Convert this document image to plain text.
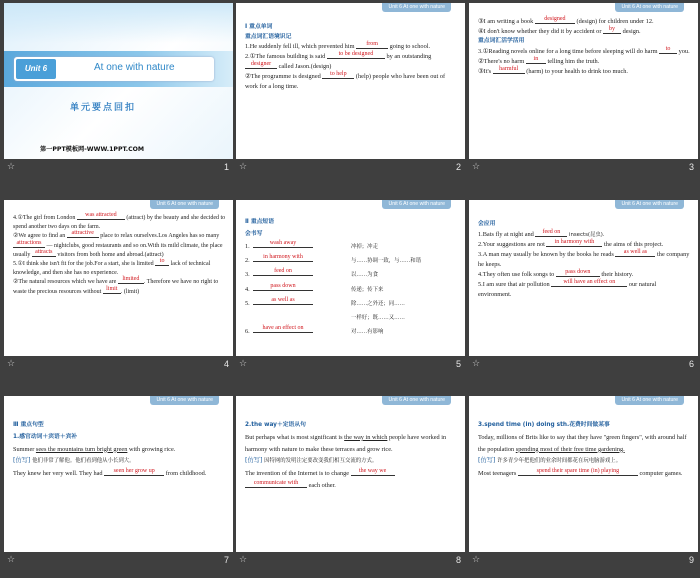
Unit 6	At one with nature
单元要点回扣
第一PPT模板网-WWW.1PPT.COM
☆	1
Unit 6 At one with nature

Ⅰ 重点单词

重点词汇语境识记

1.He suddenly fell ill, which prevented him from going to school.

2.①The famous building is said to be designed by an outstanding designer called Jason.(design)

②The programme is designed to help (help) people who have been out of work for a long time.

☆	2
Unit 6 At one with nature

③I am writing a book designed (design) for children under 12.

④I don't know whether they did it by accident or by design.

重点词汇活学活用

3.①Reading novels online for a long time before sleeping will do harm to you.

②There's no harm in telling him the truth.

③It's harmful (harm) to your health to drink too much.

☆	3
Unit 6 At one with nature

4.①The girl from London was attracted (attract) by the beauty and she decided to spend another two days on the farm.

②We agree to find an attractive place to relax ourselves.Los Angeles has so many attractions — nightclubs, good restaurants and so on.With its mild climate, the place usually attracts visitors from both home and abroad.(attract)

5.①I think she isn't fit for the job.For a start, she is limited to lack of technical knowledge, and then she has no experience.

②The natural resources which we have are limited . Therefore we have no right to waste the precious resources without limit . (limit)

☆	4
Unit 6 At one with nature

Ⅱ 重点短语

会书写

1.	wash away
冲掉；冲走
2.	in harmony with
与……协调一致，与……和谐
3.	feed on
以……为食
4.	pass down
传递；传下来
5.	as well as
除……之外还；同……
一样好；既……又……
6.	have an effect on
对……有影响
☆	5
Unit 6 At one with nature

会应用

1.Bats fly at night and feed on insects(昆虫).

2.Your suggestions are not in harmony with the aims of this project.

3.A man may usually be known by the books he reads as well as the company he keeps.

4.They often use folk songs to pass down their history.

5.I am sure that air pollution will have an effect on our natural environment.

☆	6
Unit 6 At one with nature

Ⅲ 重点句型

1.感官动词＋宾语＋宾补

Summer sees the mountains turn bright green with growing rice.

[仿写] 他们非常了解他。他们看到他从小长到大。

They knew her very well. They had seen her grow up from childhood.

☆	7
Unit 6 At one with nature

2.the way＋定语从句

But perhaps what is most significant is the way in which people have worked in harmony with nature to make these terraces and grow rice.

[仿写] 因特网的发明注定要改变我们相互交流的方式。

The invention of the Internet is to change the way we communicate with each other.

☆	8
Unit 6 At one with nature

3.spend time (in) doing sth.花费时间做某事

Today, millions of Brits like to say that they have "green fingers", with around half the population spending most of their free time gardening.

[仿写] 许多青少年把他们的业余时间都花在玩电脑游戏上。

Most teenagers	spend their spare time (in) playing	computer games.

☆	9
